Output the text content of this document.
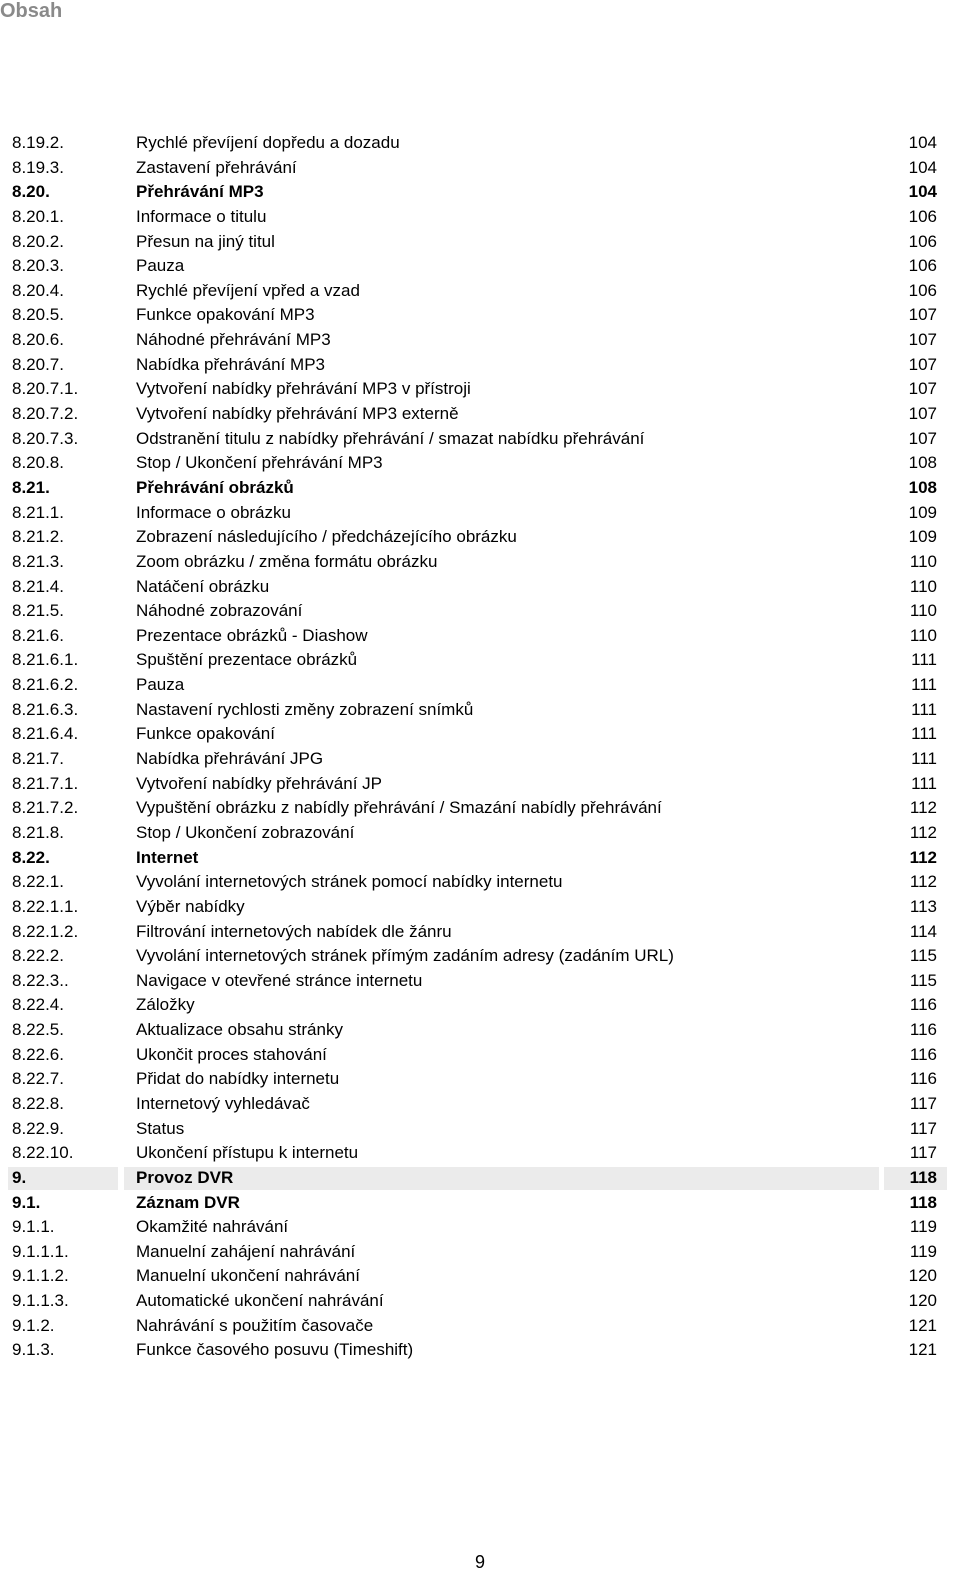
Obsah
8.19.2.	Rychlé převíjení dopředu a dozadu	104
8.19.3.	Zastavení přehrávání	104
8.20.	Přehrávání MP3	104
8.20.1.	Informace o titulu	106
8.20.2.	Přesun na jiný titul	106
8.20.3.	Pauza	106
8.20.4.	Rychlé převíjení vpřed a vzad	106
8.20.5.	Funkce opakování MP3	107
8.20.6.	Náhodné přehrávání MP3	107
8.20.7.	Nabídka přehrávání MP3	107
8.20.7.1.	Vytvoření nabídky přehrávání MP3 v přístroji	107
8.20.7.2.	Vytvoření nabídky přehrávání MP3 externě	107
8.20.7.3.	Odstranění titulu z nabídky přehrávání / smazat nabídku přehrávání	107
8.20.8.	Stop / Ukončení přehrávání MP3	108
8.21.	Přehrávání obrázků	108
8.21.1.	Informace o obrázku	109
8.21.2.	Zobrazení následujícího / předcházejícího obrázku	109
8.21.3.	Zoom obrázku / změna formátu obrázku	110
8.21.4.	Natáčení obrázku	110
8.21.5.	Náhodné zobrazování	110
8.21.6.	Prezentace obrázků - Diashow	110
8.21.6.1.	Spuštění prezentace obrázků	111
8.21.6.2.	Pauza	111
8.21.6.3.	Nastavení rychlosti změny zobrazení snímků	111
8.21.6.4.	Funkce opakování	111
8.21.7.	Nabídka přehrávání JPG	111
8.21.7.1.	Vytvoření nabídky přehrávání JP	111
8.21.7.2.	Vypuštění obrázku z nabídly přehrávání / Smazání nabídly přehrávání	112
8.21.8.	Stop / Ukončení zobrazování	112
8.22.	Internet	112
8.22.1.	Vyvolání internetových stránek pomocí nabídky internetu	112
8.22.1.1.	Výběr nabídky	113
8.22.1.2.	Filtrování internetových nabídek dle žánru	114
8.22.2.	Vyvolání internetových stránek přímým zadáním adresy (zadáním URL)	115
8.22.3..	Navigace v otevřené stránce internetu	115
8.22.4.	Záložky	116
8.22.5.	Aktualizace obsahu stránky	116
8.22.6.	Ukončit proces stahování	116
8.22.7.	Přidat do nabídky internetu	116
8.22.8.	Internetový vyhledávač	117
8.22.9.	Status	117
8.22.10.	Ukončení přístupu k internetu	117
9.	Provoz DVR	118
9.1.	Záznam DVR	118
9.1.1.	Okamžité nahrávání	119
9.1.1.1.	Manuelní zahájení nahrávání	119
9.1.1.2.	Manuelní ukončení nahrávání	120
9.1.1.3.	Automatické ukončení nahrávání	120
9.1.2.	Nahrávání s použitím časovače	121
9.1.3.	Funkce časového posuvu (Timeshift)	121
9
